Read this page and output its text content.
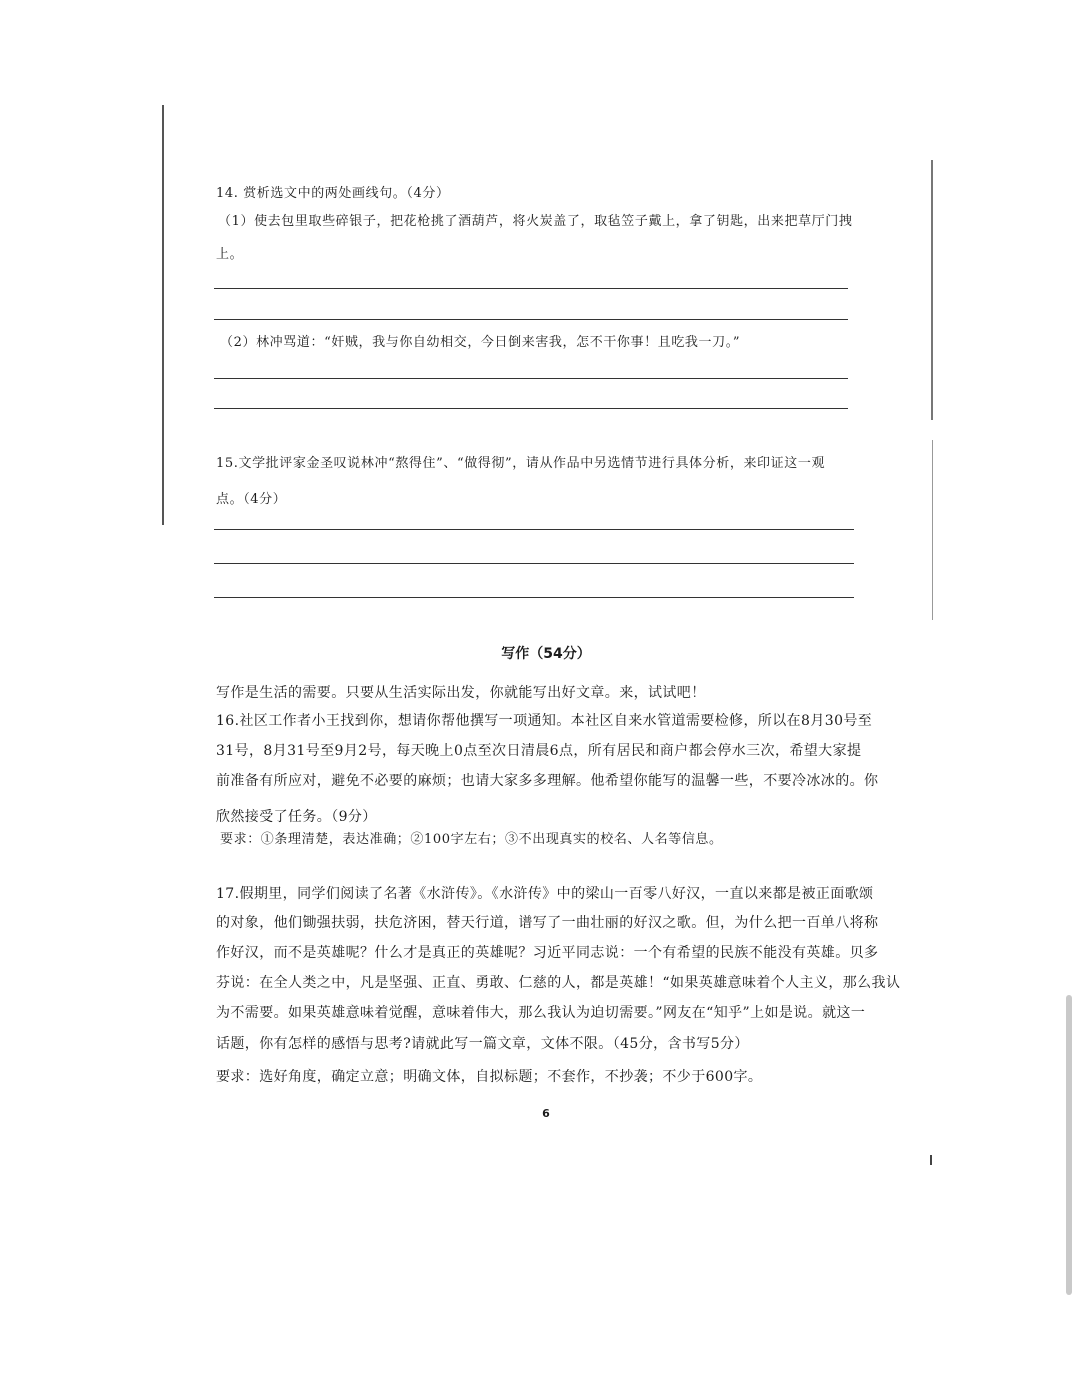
14. 赏析选文中的两处画线句。（4分）
（1）使去包里取些碎银子，把花枪挑了酒葫芦，将火炭盖了，取毡笠子戴上，拿了钥匙，出来把草厅门拽
上。
（2）林冲骂道：“奸贼，我与你自幼相交，今日倒来害我，怎不干你事！且吃我一刀。”
15.文学批评家金圣叹说林冲“熬得住”、“做得彻”，请从作品中另选情节进行具体分析，来印证这一观
点。（4分）
写作（54分）
写作是生活的需要。只要从生活实际出发，你就能写出好文章。来，试试吧！
16.社区工作者小王找到你，想请你帮他撰写一项通知。本社区自来水管道需要检修，所以在8月30号至
31号，8月31号至9月2号，每天晚上0点至次日清晨6点，所有居民和商户都会停水三次，希望大家提
前准备有所应对，避免不必要的麻烦；也请大家多多理解。他希望你能写的温馨一些，不要冷冰冰的。你
欣然接受了任务。（9分）
要求：①条理清楚，表达准确；②100字左右；③不出现真实的校名、人名等信息。
17.假期里，同学们阅读了名著《水浒传》。《水浒传》中的梁山一百零八好汉，一直以来都是被正面歌颂
的对象，他们锄强扶弱，扶危济困，替天行道，谱写了一曲壮丽的好汉之歌。但，为什么把一百单八将称
作好汉，而不是英雄呢？什么才是真正的英雄呢？习近平同志说：一个有希望的民族不能没有英雄。贝多
芬说：在全人类之中，凡是坚强、正直、勇敢、仁慈的人，都是英雄！“如果英雄意味着个人主义，那么我认
为不需要。如果英雄意味着觉醒，意味着伟大，那么我认为迫切需要。”网友在“知乎”上如是说。就这一
话题，你有怎样的感悟与思考?请就此写一篇文章，文体不限。（45分，含书写5分）
要求：选好角度，确定立意；明确文体，自拟标题；不套作，不抄袭；不少于600字。
6
